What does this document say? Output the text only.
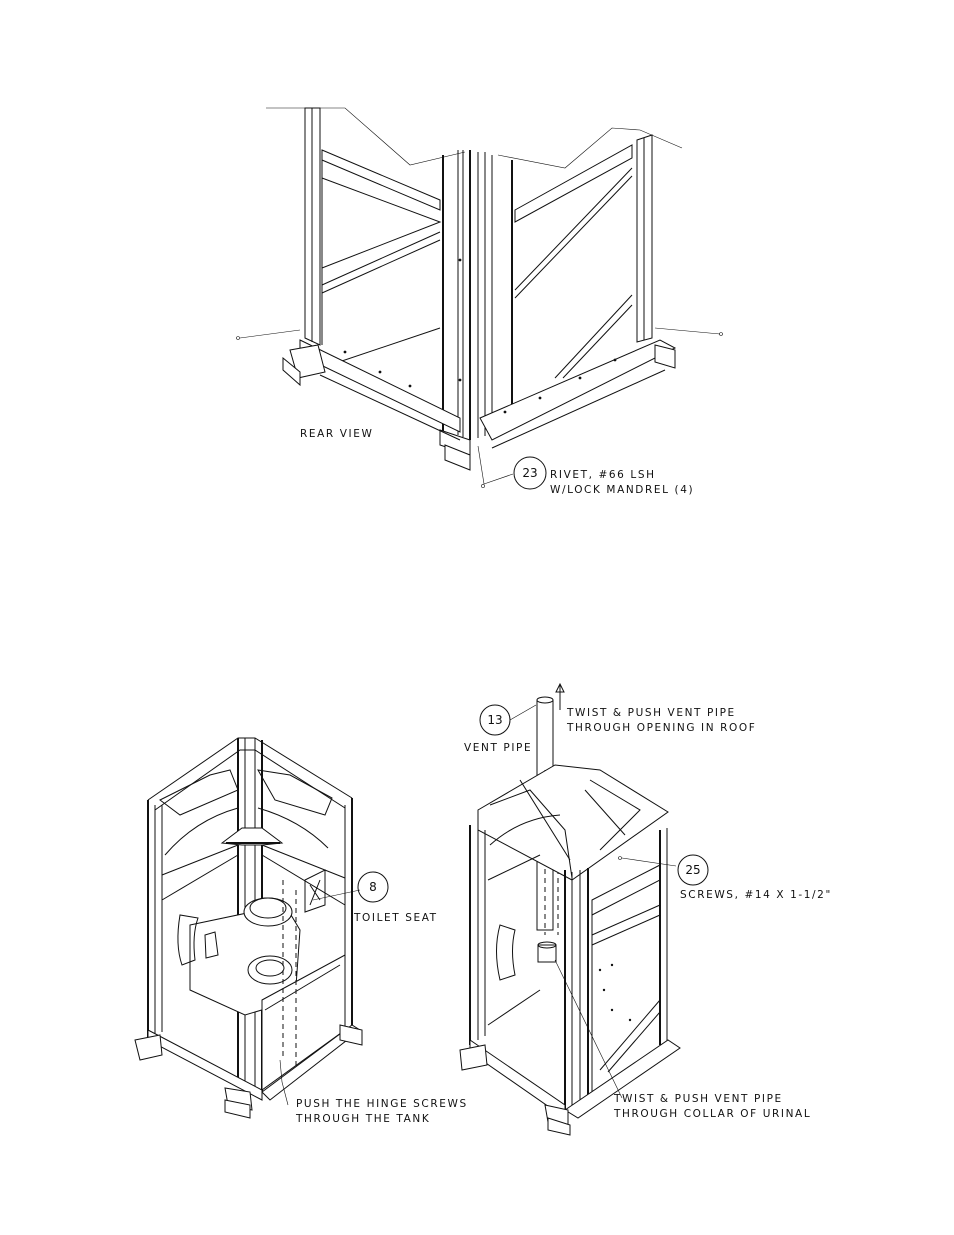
23 RIVET, #66 LSH
W/LOCK MANDREL (4)
REAR VIEW
8
TOILET SEAT
PUSH THE HINGE SCREWS
THROUGH THE TANK
13
VENT PIPE
TWIST & PUSH VENT PIPE
THROUGH OPENING IN ROOF
25
SCREWS, #14 X 1-1/2"
TWIST & PUSH VENT PIPE
THROUGH COLLAR OF URINAL
